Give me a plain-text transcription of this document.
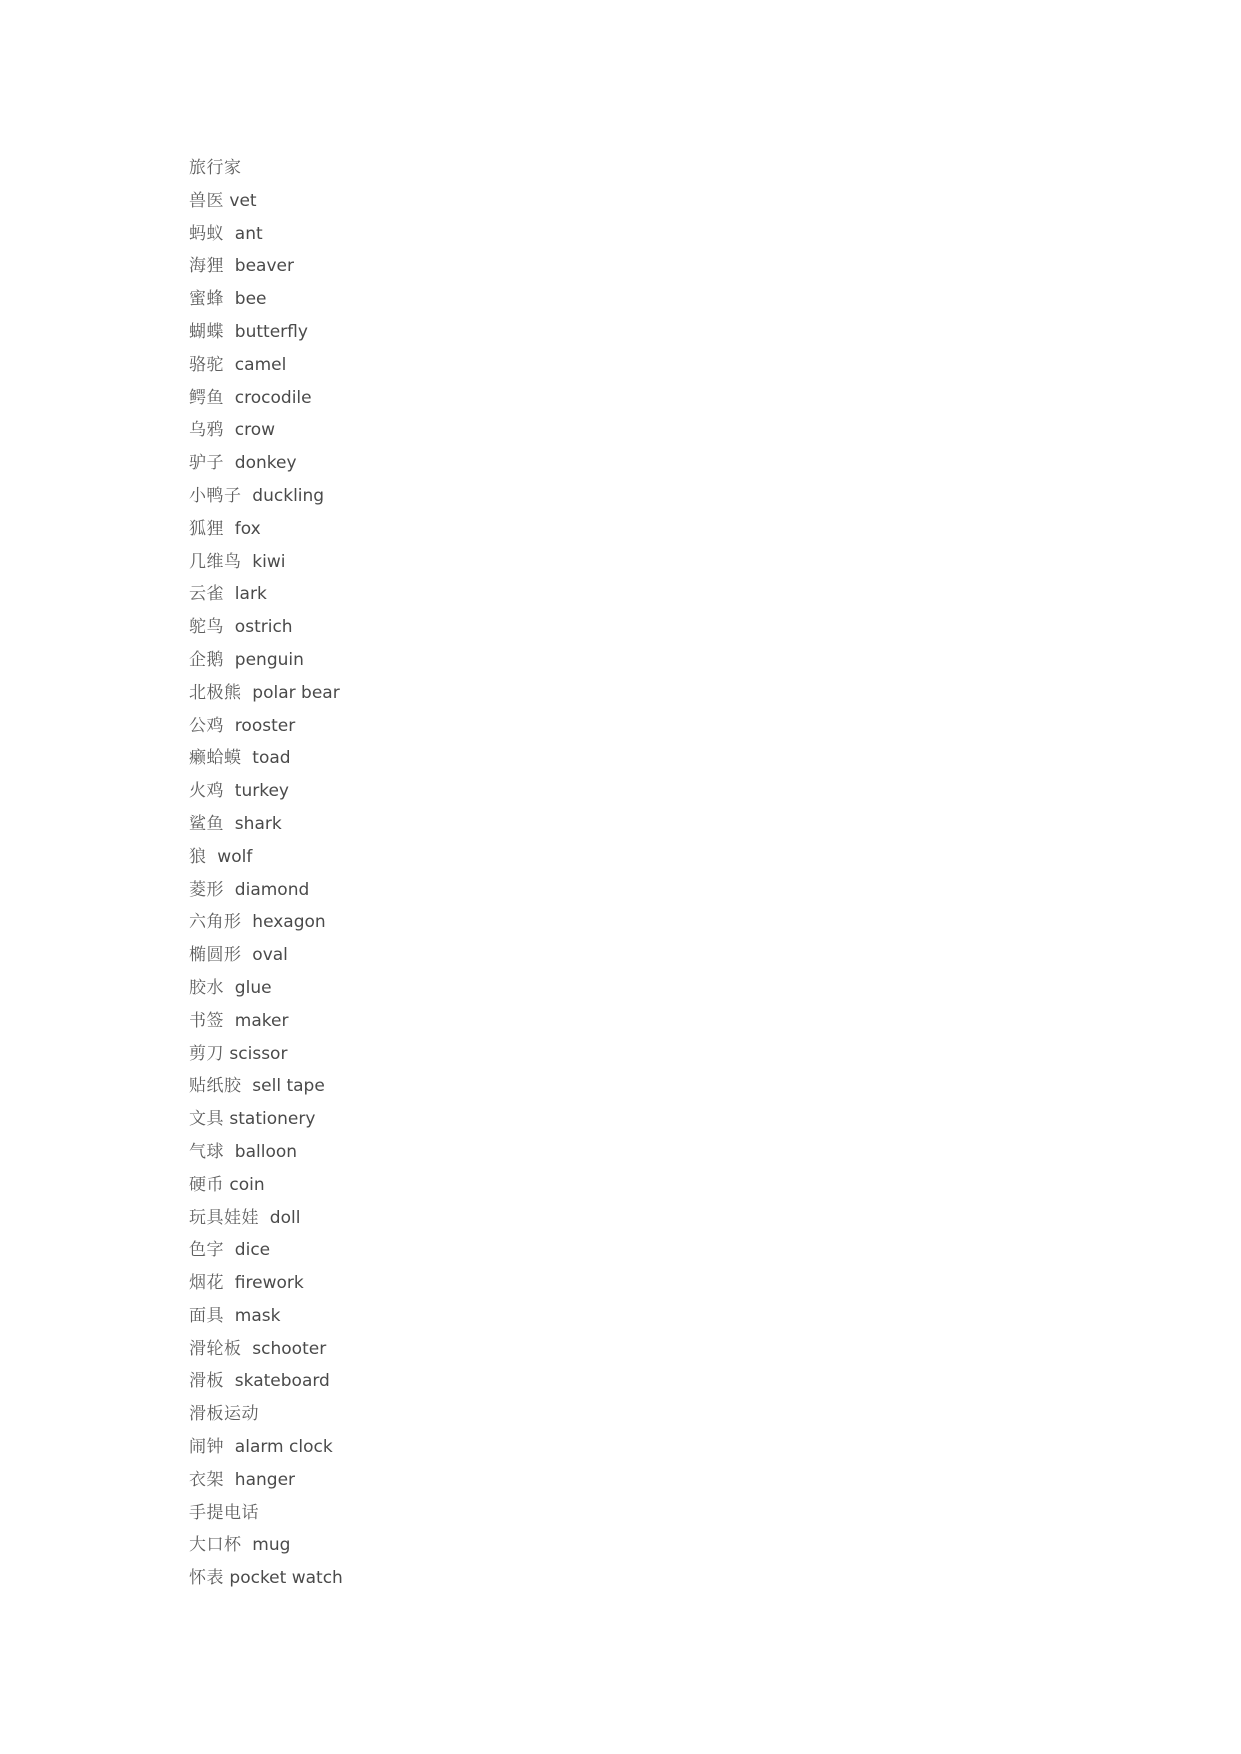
旅行家
兽医 vet
蚂蚁  ant
海狸  beaver
蜜蜂  bee
蝴蝶  butterfly
骆驼  camel
鳄鱼  crocodile
乌鸦  crow
驴子  donkey
小鸭子  duckling
狐狸  fox
几维鸟  kiwi
云雀  lark
鸵鸟  ostrich
企鹅  penguin
北极熊  polar bear
公鸡  rooster
癞蛤蟆  toad
火鸡  turkey
鲨鱼  shark
狼  wolf
菱形  diamond
六角形  hexagon
椭圆形  oval
胶水  glue
书签  maker
剪刀 scissor
贴纸胶  sell tape
文具 stationery
气球  balloon
硬币 coin
玩具娃娃  doll
色字  dice
烟花  firework
面具  mask
滑轮板  schooter
滑板  skateboard
滑板运动
闹钟  alarm clock
衣架  hanger
手提电话
大口杯  mug
怀表 pocket watch
